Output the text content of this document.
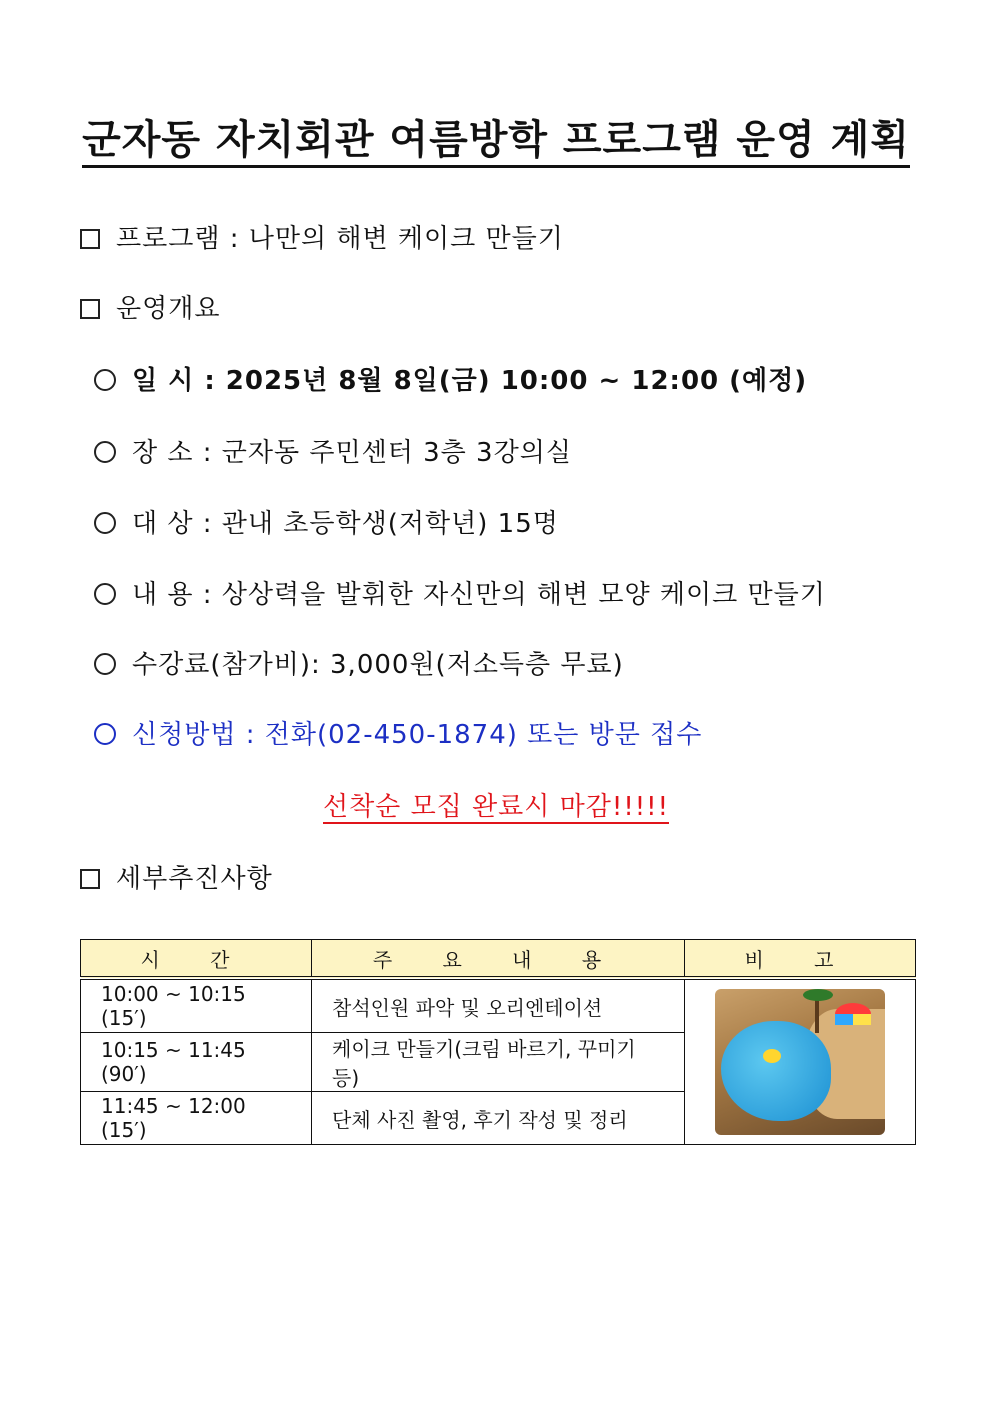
군자동 자치회관 여름방학 프로그램 운영 계획
프로그램 : 나만의 해변 케이크 만들기
운영개요
일 시 : 2025년 8월 8일(금) 10:00 ~ 12:00 (예정)
장 소 : 군자동 주민센터 3층 3강의실
대 상 : 관내 초등학생(저학년) 15명
내 용 : 상상력을 발휘한 자신만의 해변 모양 케이크 만들기
수강료(참가비): 3,000원(저소득층 무료)
신청방법 : 전화(02-450-1874) 또는 방문 접수
선착순 모집 완료시 마감!!!!!
세부추진사항
시 간	주 요 내 용	비 고
10:00 ~ 10:15 (15′)	참석인원 파악 및 오리엔테이션	

10:15 ~ 11:45 (90′)	케이크 만들기(크림 바르기, 꾸미기 등)	
11:45 ~ 12:00 (15′)	단체 사진 촬영, 후기 작성 및 정리	
